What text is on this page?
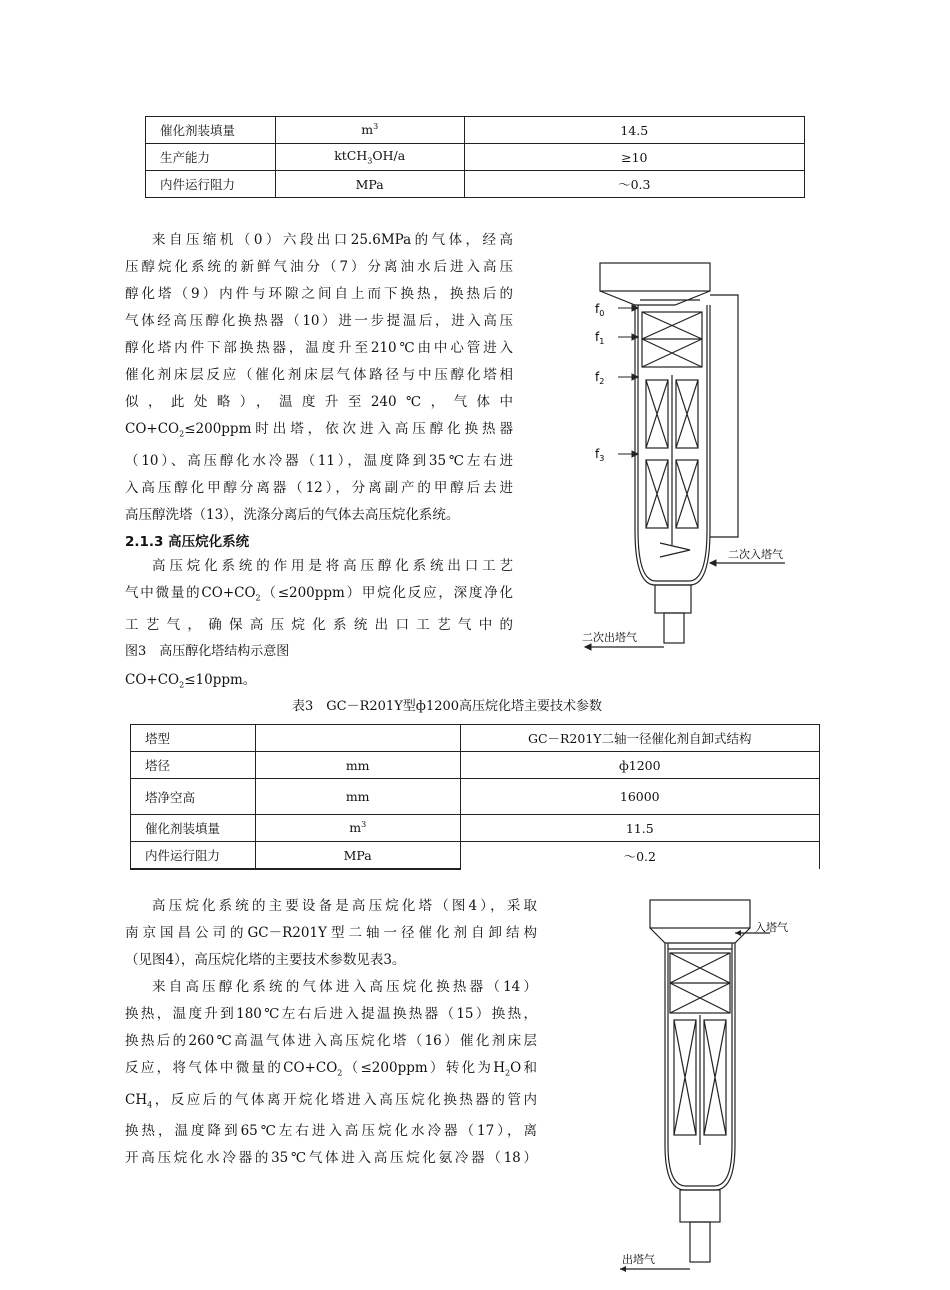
催化剂装填量	$m^3$	14.5
生产能力	ktCH$_3$OH/a	≥10
内件运行阻力	MPa	～0.3

来自压缩机（0）六段出口25.6MPa的气体，经高

压醇烷化系统的新鲜气油分（7）分离油水后进入高压

醇化塔（9）内件与环隙之间自上而下换热，换热后的

气体经高压醇化换热器（10）进一步提温后，进入高压

醇化塔内件下部换热器，温度升至210℃由中心管进入

催化剂床层反应（催化剂床层气体路径与中压醇化塔相

似，此处略），温度升至240℃，气体中

$CO+CO_2\le 200ppm$时出塔，依次进入高压醇化换热器

（10）、高压醇化水冷器（11），温度降到35℃左右进

入高压醇化甲醇分离器（12），分离副产的甲醇后去进

高压醇洗塔（13），洗涤分离后的气体去高压烷化系统。

2.1.3 高压烷化系统

高压烷化系统的作用是将高压醇化系统出口工艺

气中微量的$CO+CO_2(\le 200ppm)$甲烷化反应，深度净化

工艺气，确保高压烷化系统出口工艺气中的

图3　高压醇化塔结构示意图
$CO+CO_2\le 10ppm$。
$f_0$
$f_1$
$f_2$
$f_3$
二次入塔气
二次出塔气
表3　GC－R201Y型ф1200高压烷化塔主要技术参数
塔型		GC－R201Y二轴一径催化剂自卸式结构
塔径	mm	ф1200
塔净空高	mm	16000
催化剂装填量	$m^3$	11.5
内件运行阻力	MPa	～0.2

高压烷化系统的主要设备是高压烷化塔（图4），采取

南京国昌公司的GC－R201Y型二轴一径催化剂自卸结构

（见图4），高压烷化塔的主要技术参数见表3。

来自高压醇化系统的气体进入高压烷化换热器（14）

换热，温度升到180℃左右后进入提温换热器（15）换热，

换热后的260℃高温气体进入高压烷化塔（16）催化剂床层

反应，将气体中微量的$CO+CO_2(\le 200ppm)$转化为$H_2O$和

$CH_4$，反应后的气体离开烷化塔进入高压烷化换热器的管内

换热，温度降到65℃左右进入高压烷化水冷器（17），离

开高压烷化水冷器的35℃气体进入高压烷化氨冷器（18）

入塔气
出塔气
